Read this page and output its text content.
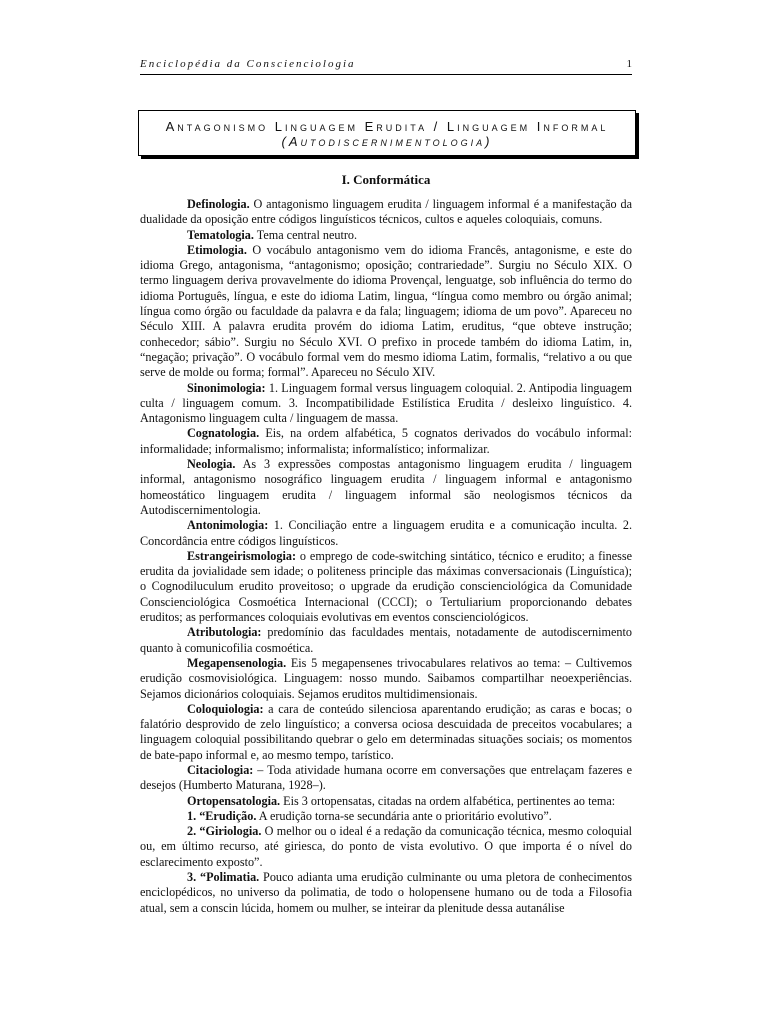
Enciclopédia da Conscienciologia	1
Antagonismo Linguagem Erudita / Linguagem Informal
(Autodiscernimentologia)
I. Conformática

Definologia. O antagonismo linguagem erudita / linguagem informal é a manifestação da dualidade da oposição entre códigos linguísticos técnicos, cultos e aqueles coloquiais, comuns.

Tematologia. Tema central neutro.

Etimologia. O vocábulo antagonismo vem do idioma Francês, antagonisme, e este do idioma Grego, antagonisma, “antagonismo; oposição; contrariedade”. Surgiu no Século XIX. O termo linguagem deriva provavelmente do idioma Provençal, lenguatge, sob influência do termo do idioma Português, língua, e este do idioma Latim, lingua, “língua como membro ou órgão animal; língua como órgão ou faculdade da palavra e da fala; linguagem; idioma de um povo”. Apareceu no Século XIII. A palavra erudita provém do idioma Latim, eruditus, “que obteve instrução; conhecedor; sábio”. Surgiu no Século XVI. O prefixo in procede também do idioma Latim, in, “negação; privação”. O vocábulo formal vem do mesmo idioma Latim, formalis, “relativo a ou que serve de molde ou forma; formal”. Apareceu no Século XIV.

Sinonimologia: 1. Linguagem formal versus linguagem coloquial. 2. Antipodia linguagem culta / linguagem comum. 3. Incompatibilidade Estilística Erudita / desleixo linguístico. 4. Antagonismo linguagem culta / linguagem de massa.

Cognatologia. Eis, na ordem alfabética, 5 cognatos derivados do vocábulo informal: informalidade; informalismo; informalista; informalístico; informalizar.

Neologia. As 3 expressões compostas antagonismo linguagem erudita / linguagem informal, antagonismo nosográfico linguagem erudita / linguagem informal e antagonismo homeostático linguagem erudita / linguagem informal são neologismos técnicos da Autodiscernimentologia.

Antonimologia: 1. Conciliação entre a linguagem erudita e a comunicação inculta. 2. Concordância entre códigos linguísticos.

Estrangeirismologia: o emprego de code-switching sintático, técnico e erudito; a finesse erudita da jovialidade sem idade; o politeness principle das máximas conversacionais (Linguística); o Cognodiluculum erudito proveitoso; o upgrade da erudição conscienciológica da Comunidade Conscienciológica Cosmoética Internacional (CCCI); o Tertuliarium proporcionando debates eruditos; as performances coloquiais evolutivas em eventos conscienciológicos.

Atributologia: predomínio das faculdades mentais, notadamente de autodiscernimento quanto à comunicofilia cosmoética.

Megapensenologia. Eis 5 megapensenes trivocabulares relativos ao tema: – Cultivemos erudição cosmovisiológica. Linguagem: nosso mundo. Saibamos compartilhar neoexperiências. Sejamos dicionários coloquiais. Sejamos eruditos multidimensionais.

Coloquiologia: a cara de conteúdo silenciosa aparentando erudição; as caras e bocas; o falatório desprovido de zelo linguístico; a conversa ociosa descuidada de preceitos vocabulares; a linguagem coloquial possibilitando quebrar o gelo em determinadas situações sociais; os momentos de bate-papo informal e, ao mesmo tempo, tarístico.

Citaciologia: – Toda atividade humana ocorre em conversações que entrelaçam fazeres e desejos (Humberto Maturana, 1928–).

Ortopensatologia. Eis 3 ortopensatas, citadas na ordem alfabética, pertinentes ao tema:

1. “Erudição. A erudição torna-se secundária ante o prioritário evolutivo”.

2. “Giriologia. O melhor ou o ideal é a redação da comunicação técnica, mesmo coloquial ou, em último recurso, até giriesca, do ponto de vista evolutivo. O que importa é o nível do esclarecimento exposto”.

3. “Polimatia. Pouco adianta uma erudição culminante ou uma pletora de conhecimentos enciclopédicos, no universo da polimatia, de todo o holopensene humano ou de toda a Filosofia atual, sem a conscin lúcida, homem ou mulher, se inteirar da plenitude dessa autanálise
